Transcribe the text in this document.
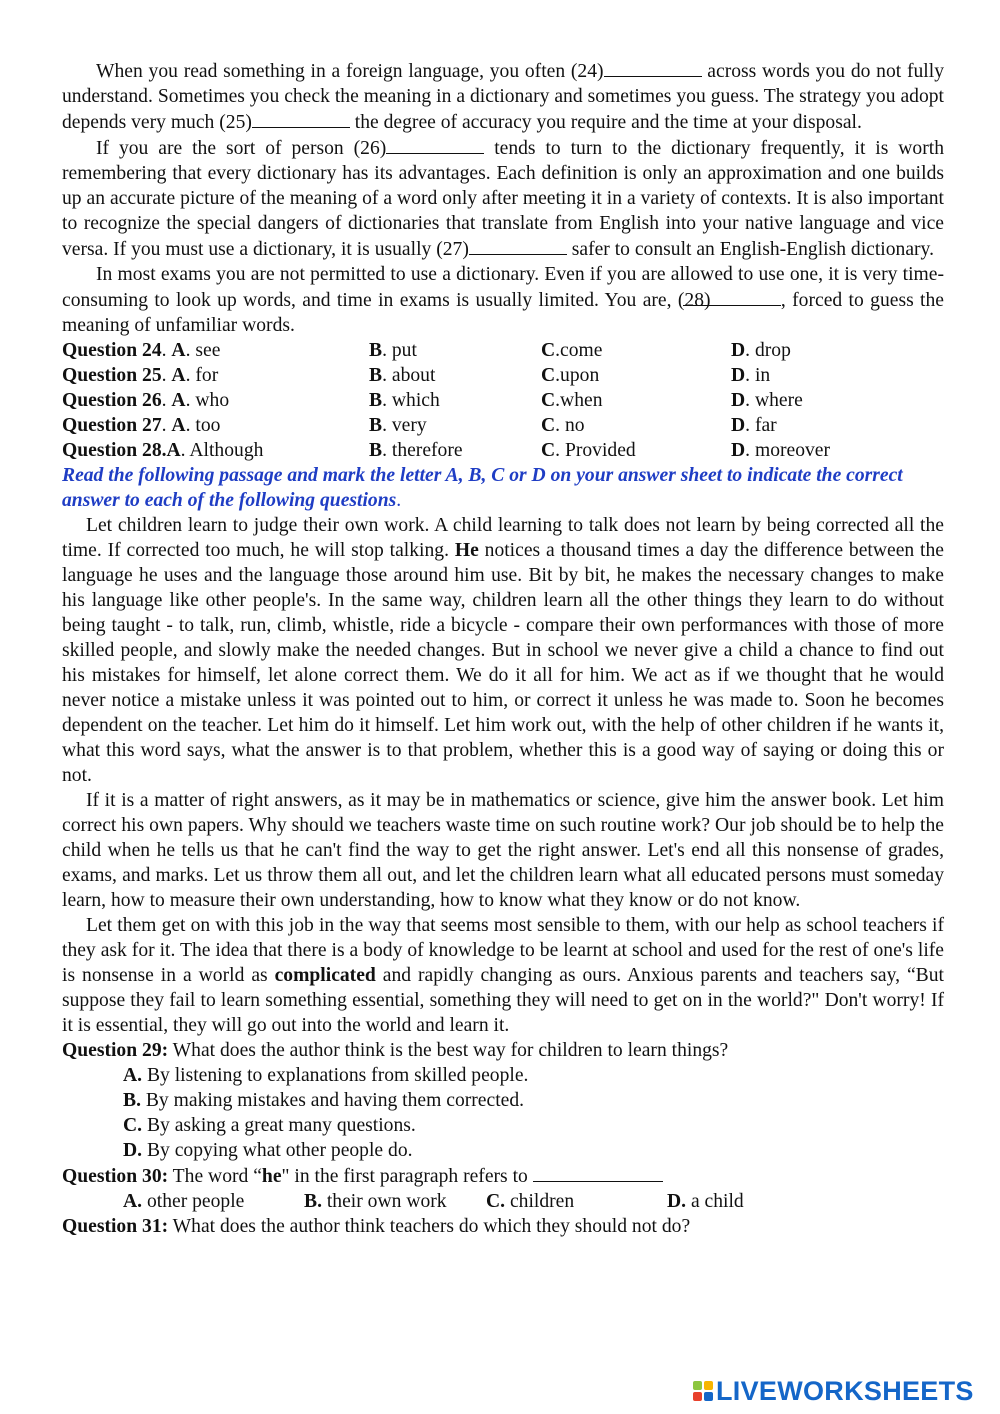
When you read something in a foreign language, you often (24)	across words you do not fully understand. Sometimes you check the meaning in a dictionary and sometimes you guess. The strategy you adopt depends very much (25)	the degree of accuracy you require and the time at your disposal.

If you are the sort of person (26)	tends to turn to the dictionary frequently, it is worth remembering that every dictionary has its advantages. Each definition is only an approximation and one builds up an accurate picture of the meaning of a word only after meeting it in a variety of contexts. It is also important to recognize the special dangers of dictionaries that translate from English into your native language and vice versa. If you must use a dictionary, it is usually (27)	safer to consult an English-English dictionary.

In most exams you are not permitted to use a dictionary. Even if you are allowed to use one, it is very time-consuming to look up words, and time in exams is usually limited. You are, (28)	, forced to guess the meaning of unfamiliar words.

Question 24. A. see	B. put	C.come	D. drop
Question 25. A. for	B. about	C.upon	D. in
Question 26. A. who	B. which	C.when	D. where
Question 27. A. too	B. very	C. no	D. far
Question 28.A. Although	B. therefore	C. Provided	D. moreover

Read the following passage and mark the letter A, B, C or D on your answer sheet to indicate the correct answer to each of the following questions.

Let children learn to judge their own work. A child learning to talk does not learn by being corrected all the time. If corrected too much, he will stop talking. He notices a thousand times a day the difference between the language he uses and the language those around him use. Bit by bit, he makes the necessary changes to make his language like other people's. In the same way, children learn all the other things they learn to do without being taught - to talk, run, climb, whistle, ride a bicycle - compare their own performances with those of more skilled people, and slowly make the needed changes. But in school we never give a child a chance to find out his mistakes for himself, let alone correct them. We do it all for him. We act as if we thought that he would never notice a mistake unless it was pointed out to him, or correct it unless he was made to. Soon he becomes dependent on the teacher. Let him do it himself. Let him work out, with the help of other children if he wants it, what this word says, what the answer is to that problem, whether this is a good way of saying or doing this or not.

If it is a matter of right answers, as it may be in mathematics or science, give him the answer book. Let him correct his own papers. Why should we teachers waste time on such routine work? Our job should be to help the child when he tells us that he can't find the way to get the right answer. Let's end all this nonsense of grades, exams, and marks. Let us throw them all out, and let the children learn what all educated persons must someday learn, how to measure their own understanding, how to know what they know or do not know.

Let them get on with this job in the way that seems most sensible to them, with our help as school teachers if they ask for it. The idea that there is a body of knowledge to be learnt at school and used for the rest of one's life is nonsense in a world as complicated and rapidly changing as ours. Anxious parents and teachers say, “But suppose they fail to learn something essential, something they will need to get on in the world?" Don't worry! If it is essential, they will go out into the world and learn it.

Question 29: What does the author think is the best way for children to learn things?

A. By listening to explanations from skilled people.

B. By making mistakes and having them corrected.

C. By asking a great many questions.

D. By copying what other people do.

Question 30: The word “he" in the first paragraph refers to

A. other people	B. their own work C. children	D. a child

Question 31: What does the author think teachers do which they should not do?

LIVEWORKSHEETS
